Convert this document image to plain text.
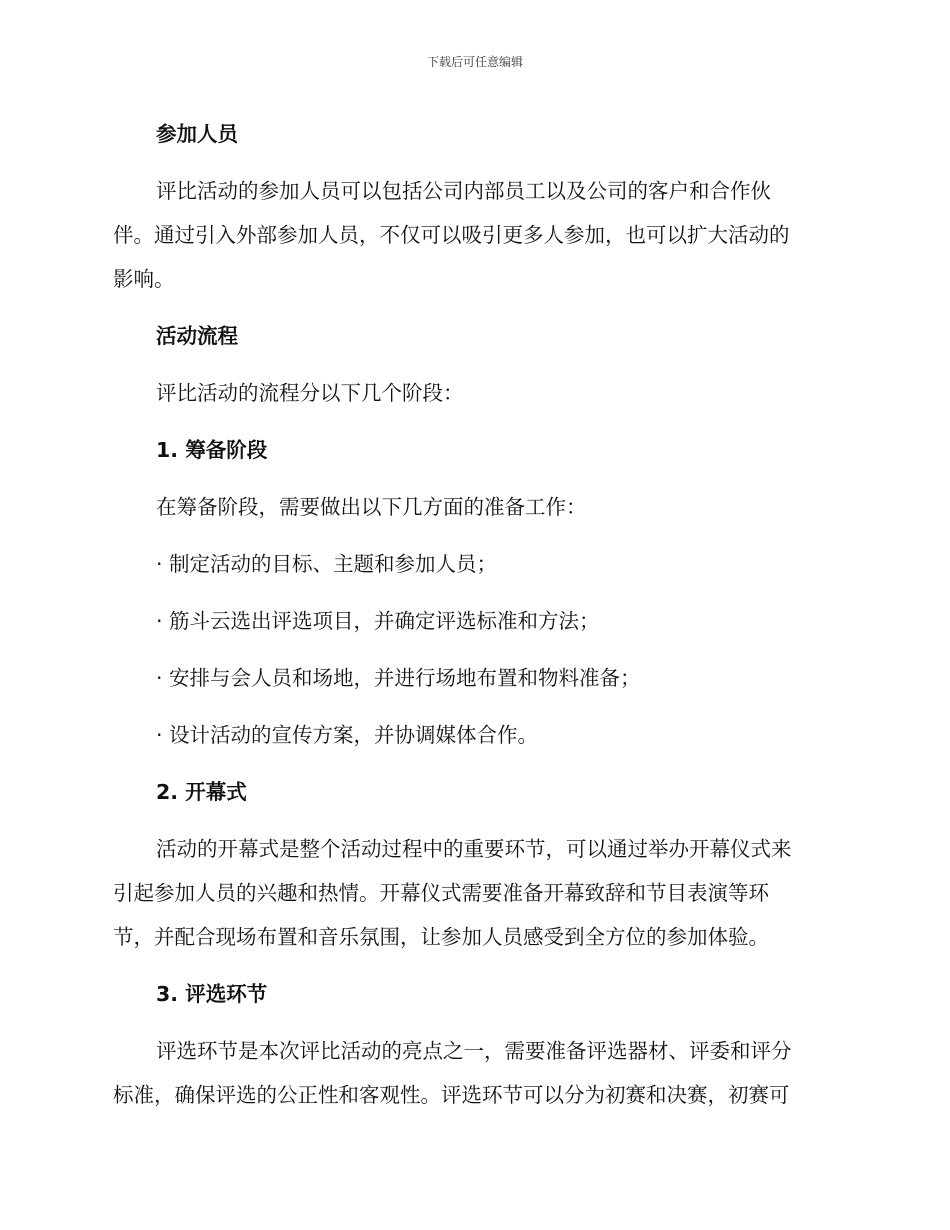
下载后可任意编辑
参加人员
评比活动的参加人员可以包括公司内部员工以及公司的客户和合作伙
伴。通过引入外部参加人员，不仅可以吸引更多人参加，也可以扩大活动的
影响。
活动流程
评比活动的流程分以下几个阶段：
1. 筹备阶段
在筹备阶段，需要做出以下几方面的准备工作：
· 制定活动的目标、主题和参加人员；
· 筋斗云选出评选项目，并确定评选标准和方法；
· 安排与会人员和场地，并进行场地布置和物料准备；
· 设计活动的宣传方案，并协调媒体合作。
2. 开幕式
活动的开幕式是整个活动过程中的重要环节，可以通过举办开幕仪式来
引起参加人员的兴趣和热情。开幕仪式需要准备开幕致辞和节目表演等环
节，并配合现场布置和音乐氛围，让参加人员感受到全方位的参加体验。
3. 评选环节
评选环节是本次评比活动的亮点之一，需要准备评选器材、评委和评分
标准，确保评选的公正性和客观性。评选环节可以分为初赛和决赛，初赛可
